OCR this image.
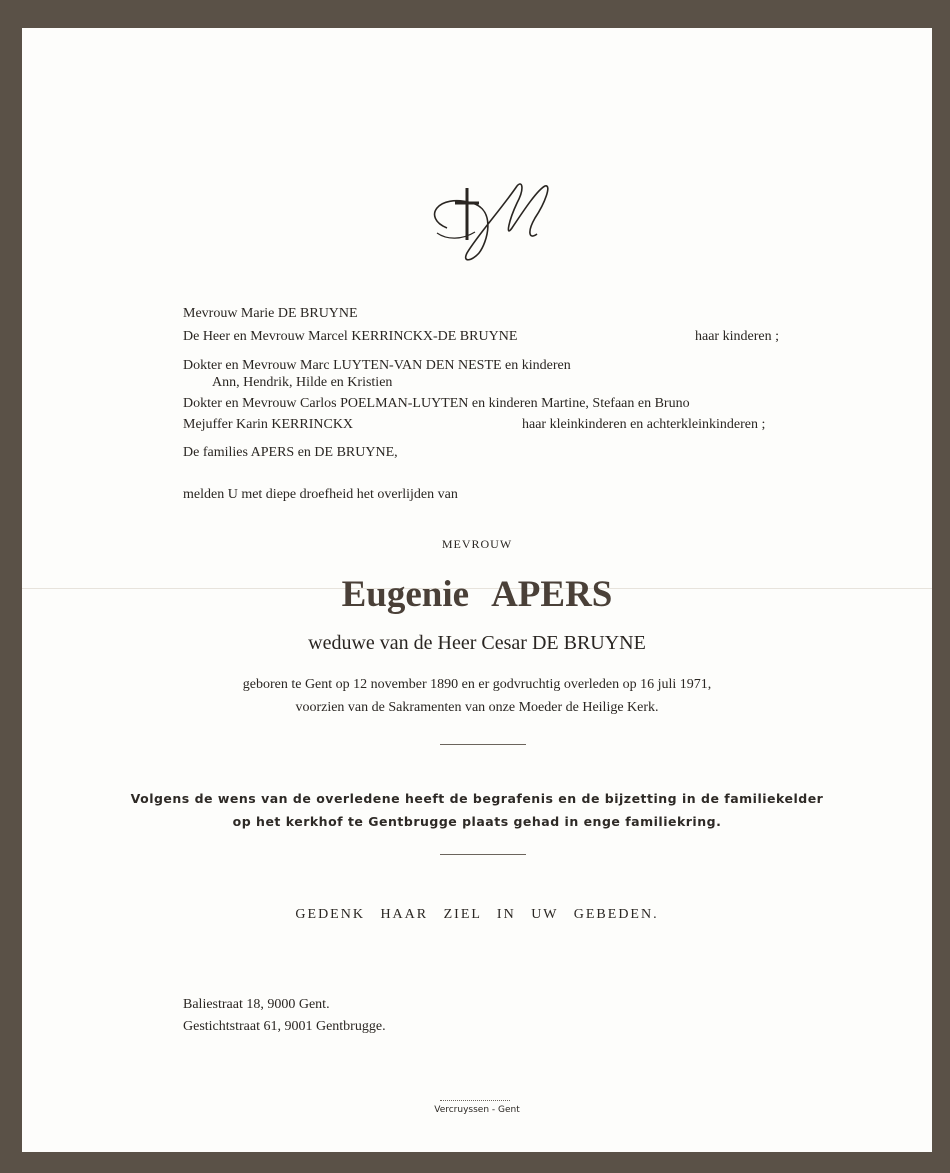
Mevrouw Marie DE BRUYNE
De Heer en Mevrouw Marcel KERRINCKX-DE BRUYNE	haar kinderen ;
Dokter en Mevrouw Marc LUYTEN-VAN DEN NESTE en kinderen
Ann, Hendrik, Hilde en Kristien
Dokter en Mevrouw Carlos POELMAN-LUYTEN en kinderen Martine, Stefaan en Bruno
Mejuffer Karin KERRINCKX	haar kleinkinderen en achterkleinkinderen ;
De families APERS en DE BRUYNE,
melden U met diepe droefheid het overlijden van
MEVROUW
Eugenie APERS
weduwe van de Heer Cesar DE BRUYNE
geboren te Gent op 12 november 1890 en er godvruchtig overleden op 16 juli 1971,
voorzien van de Sakramenten van onze Moeder de Heilige Kerk.
Volgens de wens van de overledene heeft de begrafenis en de bijzetting in de familiekelder
op het kerkhof te Gentbrugge plaats gehad in enge familiekring.
GEDENK HAAR ZIEL IN UW GEBEDEN.
Baliestraat 18, 9000 Gent.
Gestichtstraat 61, 9001 Gentbrugge.
Vercruyssen - Gent
